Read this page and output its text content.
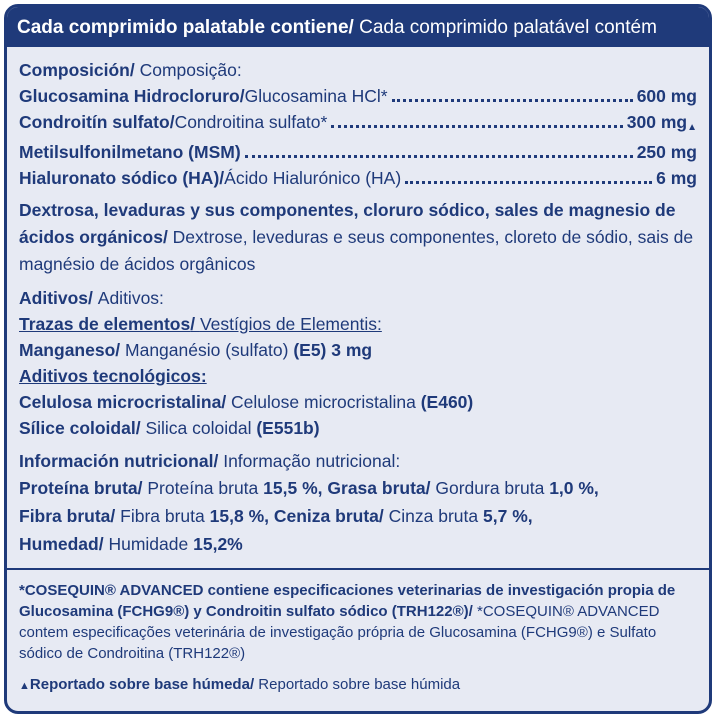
Cada comprimido palatable contiene/ Cada comprimido palatável contém
Composición/ Composição:
Glucosamina Hidrocloruro / Glucosamina HCl*	600 mg
Condroitín sulfato / Condroitina sulfato*	300 mg ▲
Metilsulfonilmetano (MSM)	250 mg
Hialuronato sódico (HA) / Ácido Hialurónico (HA)	6 mg
Dextrosa, levaduras y sus componentes, cloruro sódico, sales de magnesio de ácidos orgánicos/ Dextrose, leveduras e seus componentes, cloreto de sódio, sais de magnésio de ácidos orgânicos
Aditivos/ Aditivos:
Trazas de elementos/ Vestígios de Elementis:
Manganeso/ Manganésio (sulfato) (E5) 3 mg
Aditivos tecnológicos:
Celulosa microcristalina/ Celulose microcristalina (E460)
Sílice coloidal/ Silica coloidal (E551b)
Información nutricional/ Informação nutricional:
Proteína bruta/ Proteína bruta 15,5 %, Grasa bruta/ Gordura bruta 1,0 %,
Fibra bruta/ Fibra bruta 15,8 %, Ceniza bruta/ Cinza bruta 5,7 %,
Humedad/ Humidade 15,2%
*COSEQUIN® ADVANCED contiene especificaciones veterinarias de investigación propia de
Glucosamina (FCHG9®) y Condroitin sulfato sódico (TRH122®)/ *COSEQUIN® ADVANCED
contem especificações veterinária de investigação própria de Glucosamina (FCHG9®) e Sulfato
sódico de Condroitina (TRH122®)
▲Reportado sobre base húmeda/ Reportado sobre base húmida
